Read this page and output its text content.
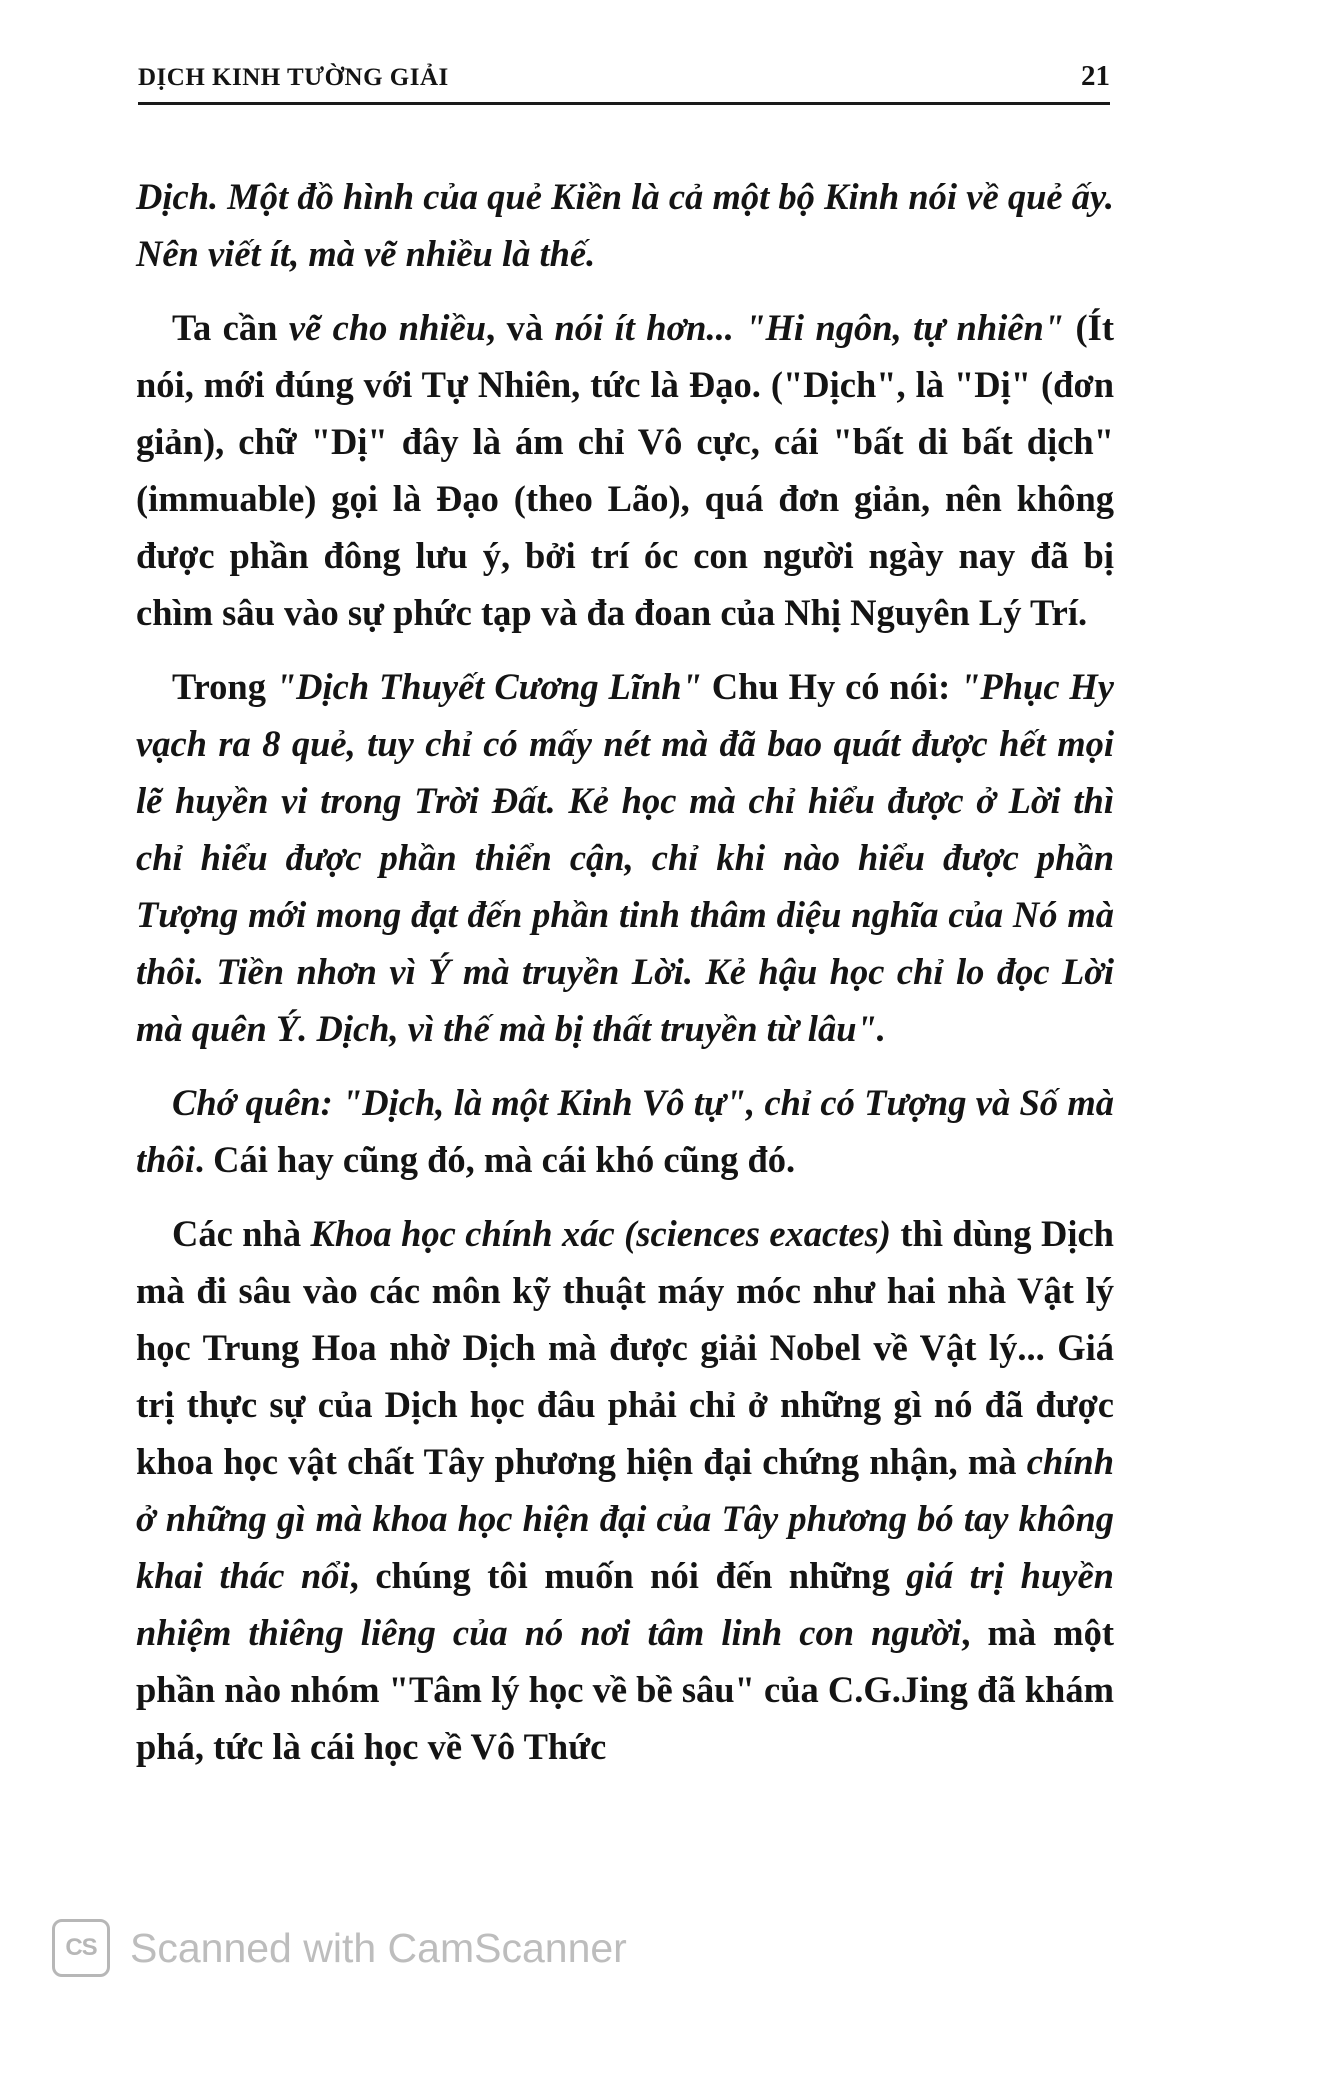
DỊCH KINH TƯỜNG GIẢI	21

Dịch. Một đồ hình của quẻ Kiền là cả một bộ Kinh nói về quẻ ấy. Nên viết ít, mà vẽ nhiều là thế.

Ta cần vẽ cho nhiều, và nói ít hơn... "Hi ngôn, tự nhiên" (Ít nói, mới đúng với Tự Nhiên, tức là Đạo. ("Dịch", là "Dị" (đơn giản), chữ "Dị" đây là ám chỉ Vô cực, cái "bất di bất dịch" (immuable) gọi là Đạo (theo Lão), quá đơn giản, nên không được phần đông lưu ý, bởi trí óc con người ngày nay đã bị chìm sâu vào sự phức tạp và đa đoan của Nhị Nguyên Lý Trí.

Trong "Dịch Thuyết Cương Lĩnh" Chu Hy có nói: "Phục Hy vạch ra 8 quẻ, tuy chỉ có mấy nét mà đã bao quát được hết mọi lẽ huyền vi trong Trời Đất. Kẻ học mà chỉ hiểu được ở Lời thì chỉ hiểu được phần thiển cận, chỉ khi nào hiểu được phần Tượng mới mong đạt đến phần tinh thâm diệu nghĩa của Nó mà thôi. Tiền nhơn vì Ý mà truyền Lời. Kẻ hậu học chỉ lo đọc Lời mà quên Ý. Dịch, vì thế mà bị thất truyền từ lâu".

Chớ quên: "Dịch, là một Kinh Vô tự", chỉ có Tượng và Số mà thôi. Cái hay cũng đó, mà cái khó cũng đó.

Các nhà Khoa học chính xác (sciences exactes) thì dùng Dịch mà đi sâu vào các môn kỹ thuật máy móc như hai nhà Vật lý học Trung Hoa nhờ Dịch mà được giải Nobel về Vật lý... Giá trị thực sự của Dịch học đâu phải chỉ ở những gì nó đã được khoa học vật chất Tây phương hiện đại chứng nhận, mà chính ở những gì mà khoa học hiện đại của Tây phương bó tay không khai thác nổi, chúng tôi muốn nói đến những giá trị huyền nhiệm thiêng liêng của nó nơi tâm linh con người, mà một phần nào nhóm "Tâm lý học về bề sâu" của C.G.Jing đã khám phá, tức là cái học về Vô Thức

CS Scanned with CamScanner
